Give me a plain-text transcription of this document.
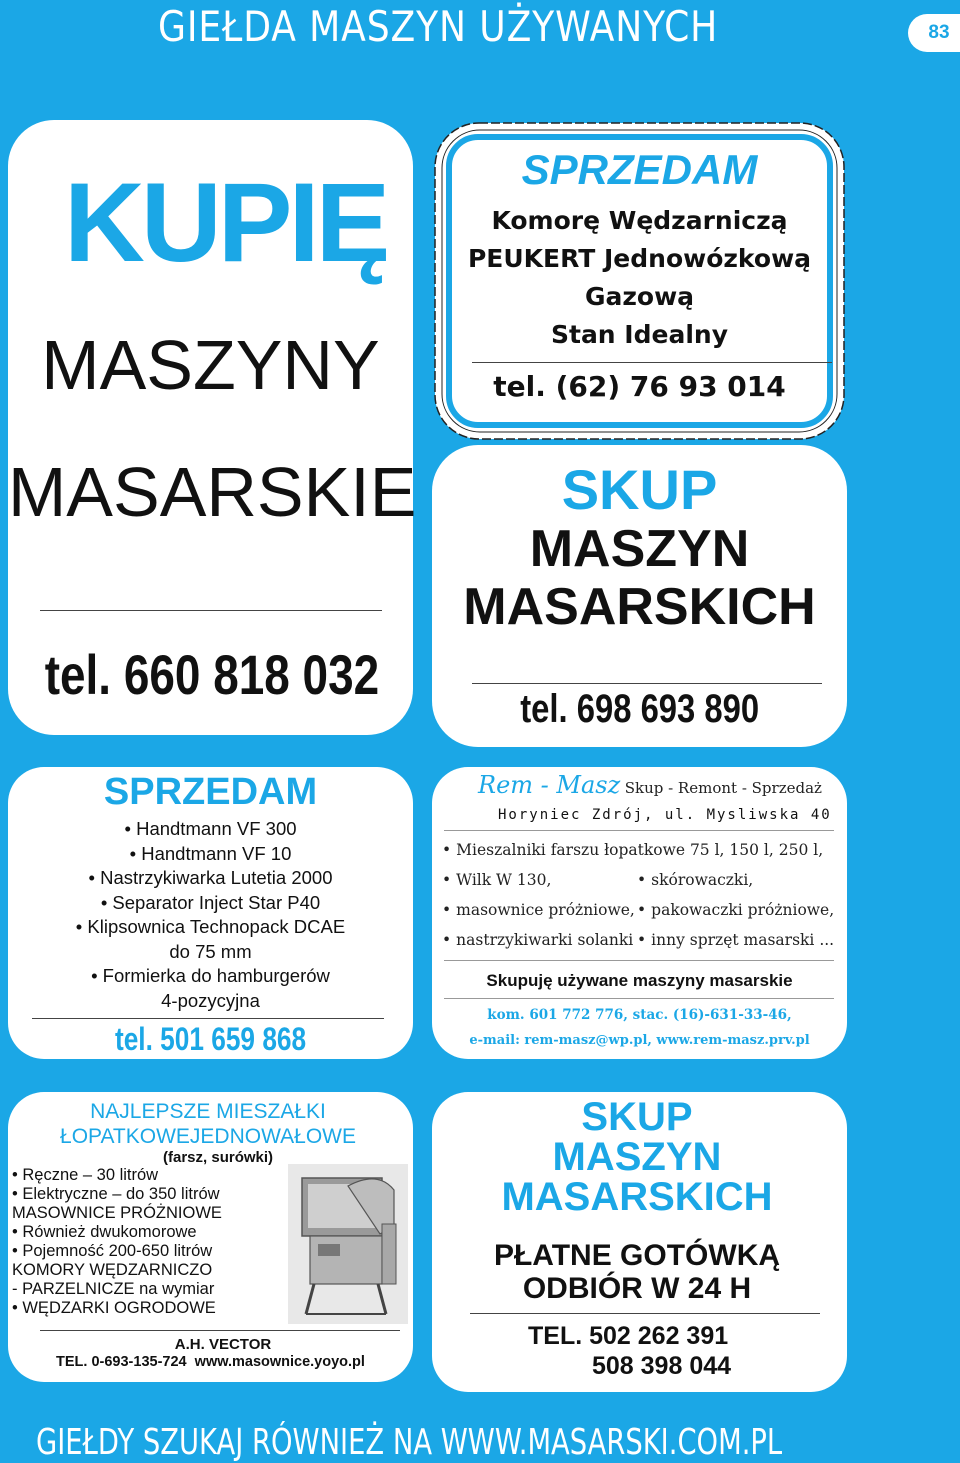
GIEŁDA MASZYN UŻYWANYCH	83
KUPIĘ
MASZYNY
MASARSKIE
tel. 660 818 032
SPRZEDAM
Komorę Wędzarniczą
PEUKERT Jednowózkową
Gazową
Stan Idealny
tel. (62) 76 93 014
SKUP
MASZYN
MASARSKICH
tel. 698 693 890
SPRZEDAM
• Handtmann VF 300
• Handtmann VF 10
• Nastrzykiwarka Lutetia 2000
• Separator Inject Star P40
• Klipsownica Technopack DCAE
do 75 mm
• Formierka do hamburgerów
4-pozycyjna
tel. 501 659 868
Rem - Masz Skup - Remont - Sprzedaż
Horyniec Zdrój, ul. Mysliwska 40
• Mieszalniki farszu łopatkowe 75 l, 150 l, 250 l,
• Wilk W 130,
• masownice próżniowe,
• nastrzykiwarki solanki
• skórowaczki,
• pakowaczki próżniowe,
• inny sprzęt masarski ...
Skupuję używane maszyny masarskie
kom. 601 772 776, stac. (16)-631-33-46,
e-mail: rem-masz@wp.pl, www.rem-masz.prv.pl
NAJLEPSZE MIESZAŁKI
ŁOPATKOWEJEDNOWAŁOWE
(farsz, surówki)
• Ręczne – 30 litrów
• Elektryczne – do 350 litrów
MASOWNICE PRÓŻNIOWE
• Również dwukomorowe
• Pojemność 200-650 litrów
KOMORY WĘDZARNICZO
- PARZELNICZE na wymiar
• WĘDZARKI OGRODOWE
A.H. VECTOR
TEL. 0-693-135-724  www.masownice.yoyo.pl
SKUP
MASZYN
MASARSKICH
PŁATNE GOTÓWKĄ
ODBIÓR W 24 H
TEL. 502 262 391
508 398 044
GIEŁDY SZUKAJ RÓWNIEŻ NA WWW.MASARSKI.COM.PL
